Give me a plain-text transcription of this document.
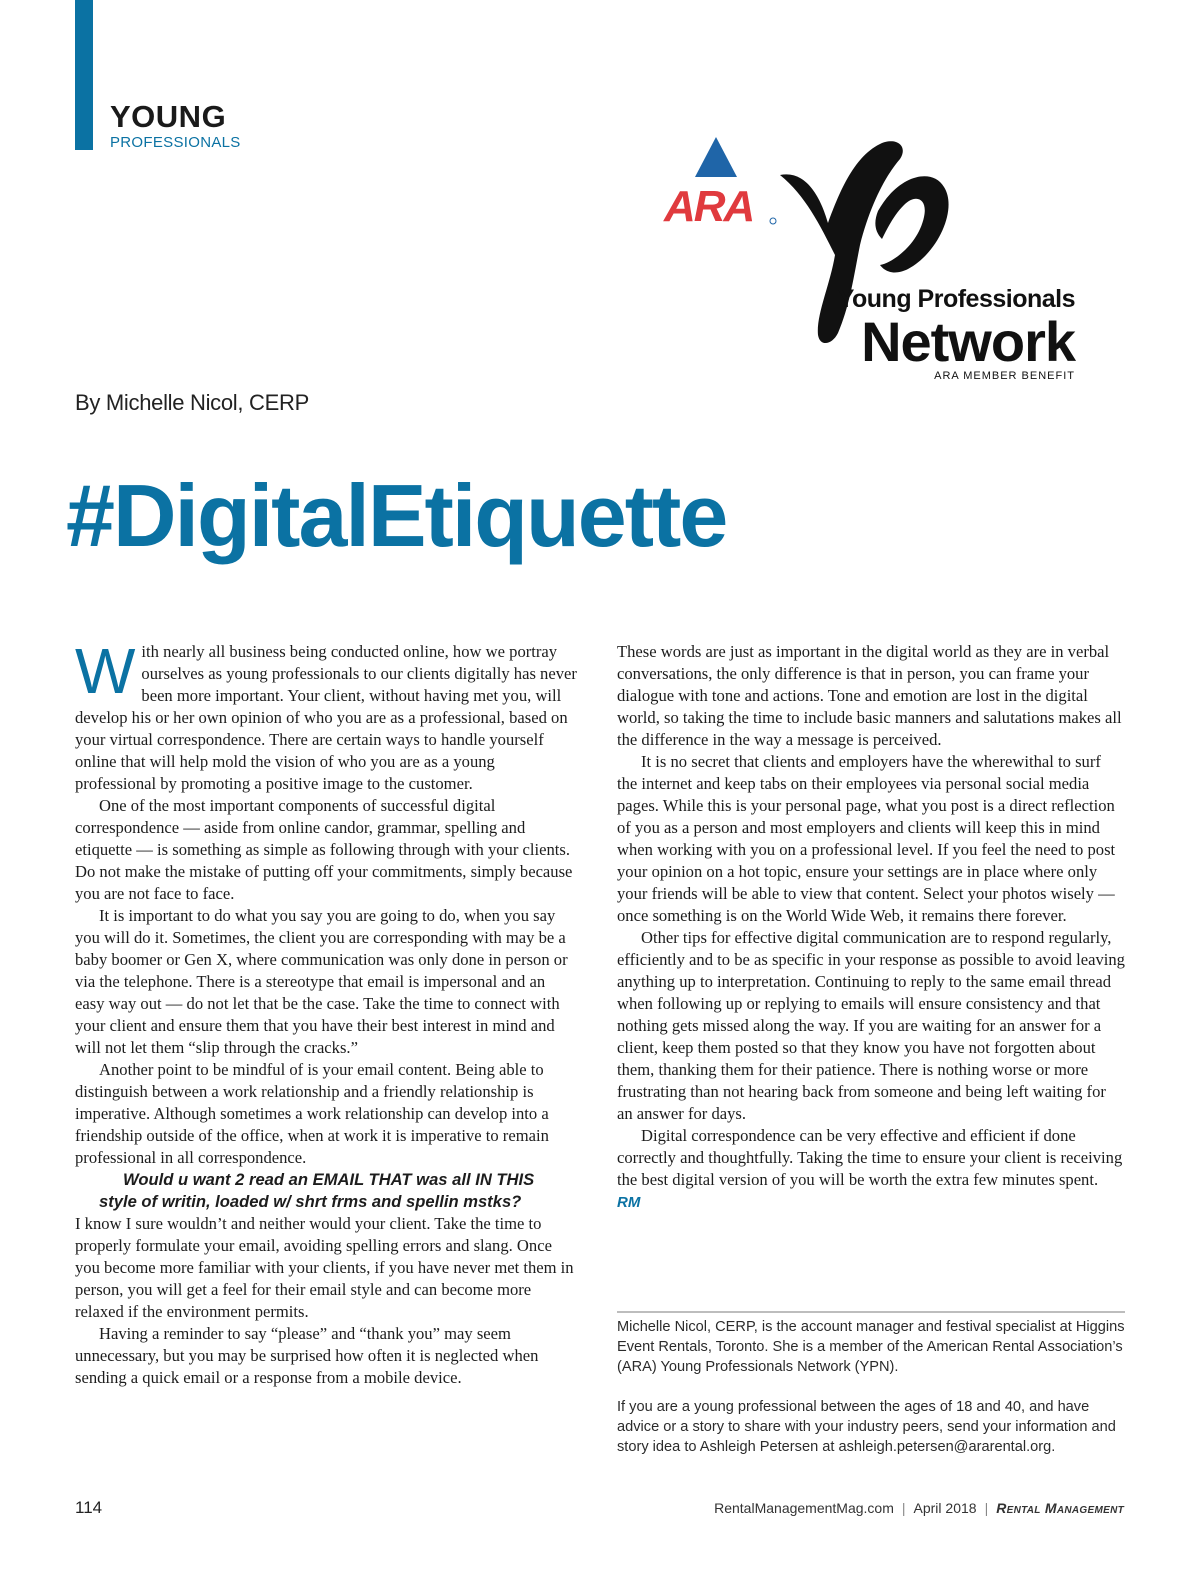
YOUNG
PROFESSIONALS
ARA
YP
Young Professionals
Network
ARA MEMBER BENEFIT
By Michelle Nicol, CERP
#DigitalEtiquette

With nearly all business being conducted online, how we portray ourselves as young professionals to our clients digitally has never been more important. Your client, without having met you, will develop his or her own opinion of who you are as a professional, based on your virtual correspondence. There are certain ways to handle yourself online that will help mold the vision of who you are as a young professional by promoting a positive image to the customer.

One of the most important components of successful digital correspondence — aside from online candor, grammar, spelling and etiquette — is something as simple as following through with your clients. Do not make the mistake of putting off your commitments, simply because you are not face to face.

It is important to do what you say you are going to do, when you say you will do it. Sometimes, the client you are corresponding with may be a baby boomer or Gen X, where communication was only done in person or via the telephone. There is a stereotype that email is impersonal and an easy way out — do not let that be the case. Take the time to connect with your client and ensure them that you have their best interest in mind and will not let them “slip through the cracks.”

Another point to be mindful of is your email content. Being able to distinguish between a work relationship and a friendly relationship is imperative. Although sometimes a work relationship can develop into a friendship outside of the office, when at work it is imperative to remain professional in all correspondence.

Would u want 2 read an EMAIL THAT was all IN THIS

style of writin, loaded w/ shrt frms and spellin mstks?

I know I sure wouldn’t and neither would your client. Take the time to properly formulate your email, avoiding spelling errors and slang. Once you become more familiar with your clients, if you have never met them in person, you will get a feel for their email style and can become more relaxed if the environment permits.

Having a reminder to say “please” and “thank you” may seem unnecessary, but you may be surprised how often it is neglected when sending a quick email or a response from a mobile device.

These words are just as important in the digital world as they are in verbal conversations, the only difference is that in person, you can frame your dialogue with tone and actions. Tone and emotion are lost in the digital world, so taking the time to include basic manners and salutations makes all the difference in the way a message is perceived.

It is no secret that clients and employers have the wherewithal to surf the internet and keep tabs on their employees via personal social media pages. While this is your personal page, what you post is a direct reflection of you as a person and most employers and clients will keep this in mind when working with you on a professional level. If you feel the need to post your opinion on a hot topic, ensure your settings are in place where only your friends will be able to view that content. Select your photos wisely — once something is on the World Wide Web, it remains there forever.

Other tips for effective digital communication are to respond regularly, efficiently and to be as specific in your response as possible to avoid leaving anything up to interpretation. Continuing to reply to the same email thread when following up or replying to emails will ensure consistency and that nothing gets missed along the way. If you are waiting for an answer for a client, keep them posted so that they know you have not forgotten about them, thanking them for their patience. There is nothing worse or more frustrating than not hearing back from someone and being left waiting for an answer for days.

Digital correspondence can be very effective and efficient if done correctly and thoughtfully. Taking the time to ensure your client is receiving the best digital version of you will be worth the extra few minutes spent. RM

Michelle Nicol, CERP, is the account manager and festival specialist at Higgins Event Rentals, Toronto. She is a member of the American Rental Association’s (ARA) Young Professionals Network (YPN).
If you are a young professional between the ages of 18 and 40, and have advice or a story to share with your industry peers, send your information and story idea to Ashleigh Petersen at ashleigh.petersen@ararental.org.
114	RentalManagementMag.com | April 2018 | Rental Management
